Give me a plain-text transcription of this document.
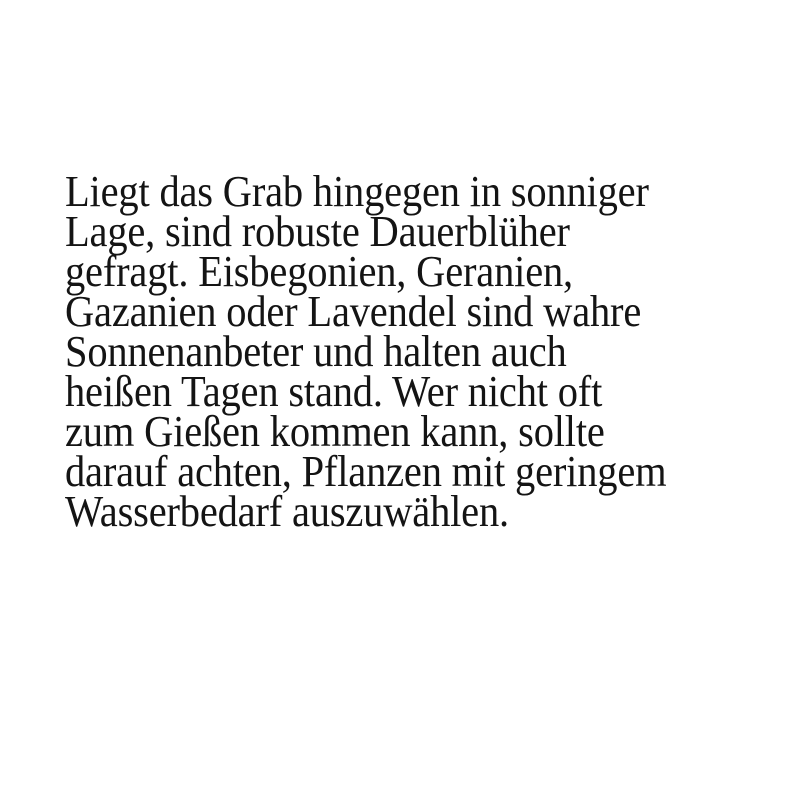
Liegt das Grab hingegen in sonniger
Lage, sind robuste Dauerblüher
gefragt. Eisbegonien, Geranien,
Gazanien oder Lavendel sind wahre
Sonnenanbeter und halten auch
heißen Tagen stand. Wer nicht oft
zum Gießen kommen kann, sollte
darauf achten, Pflanzen mit geringem
Wasserbedarf auszuwählen.
